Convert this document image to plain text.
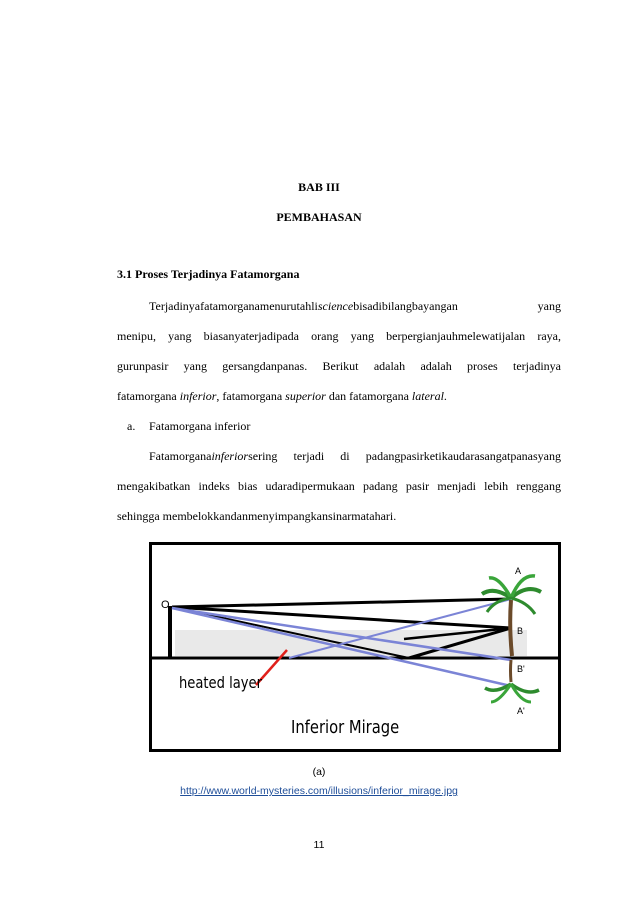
BAB III
PEMBAHASAN
3.1 Proses Terjadinya Fatamorgana
Terjadinyafatamorganamenurutahlisciencebisadibilangbayangan	yang
menipu, yang biasanyaterjadipada orang yang berpergianjauhmelewatijalan raya,
gurunpasir yang gersangdanpanas. Berikut adalah adalah proses terjadinya
fatamorgana inferior, fatamorgana superior dan fatamorgana lateral.
a. Fatamorgana inferior
Fatamorganainferiorsering terjadi di padangpasirketikaudarasangatpanasyang
mengakibatkan indeks bias udaradipermukaan padang pasir menjadi lebih renggang
sehingga membelokkandanmenyimpangkansinarmatahari.
O
A
B
B'
A'
heated layer
Inferior Mirage
(a)
http://www.world-mysteries.com/illusions/inferior_mirage.jpg
11
